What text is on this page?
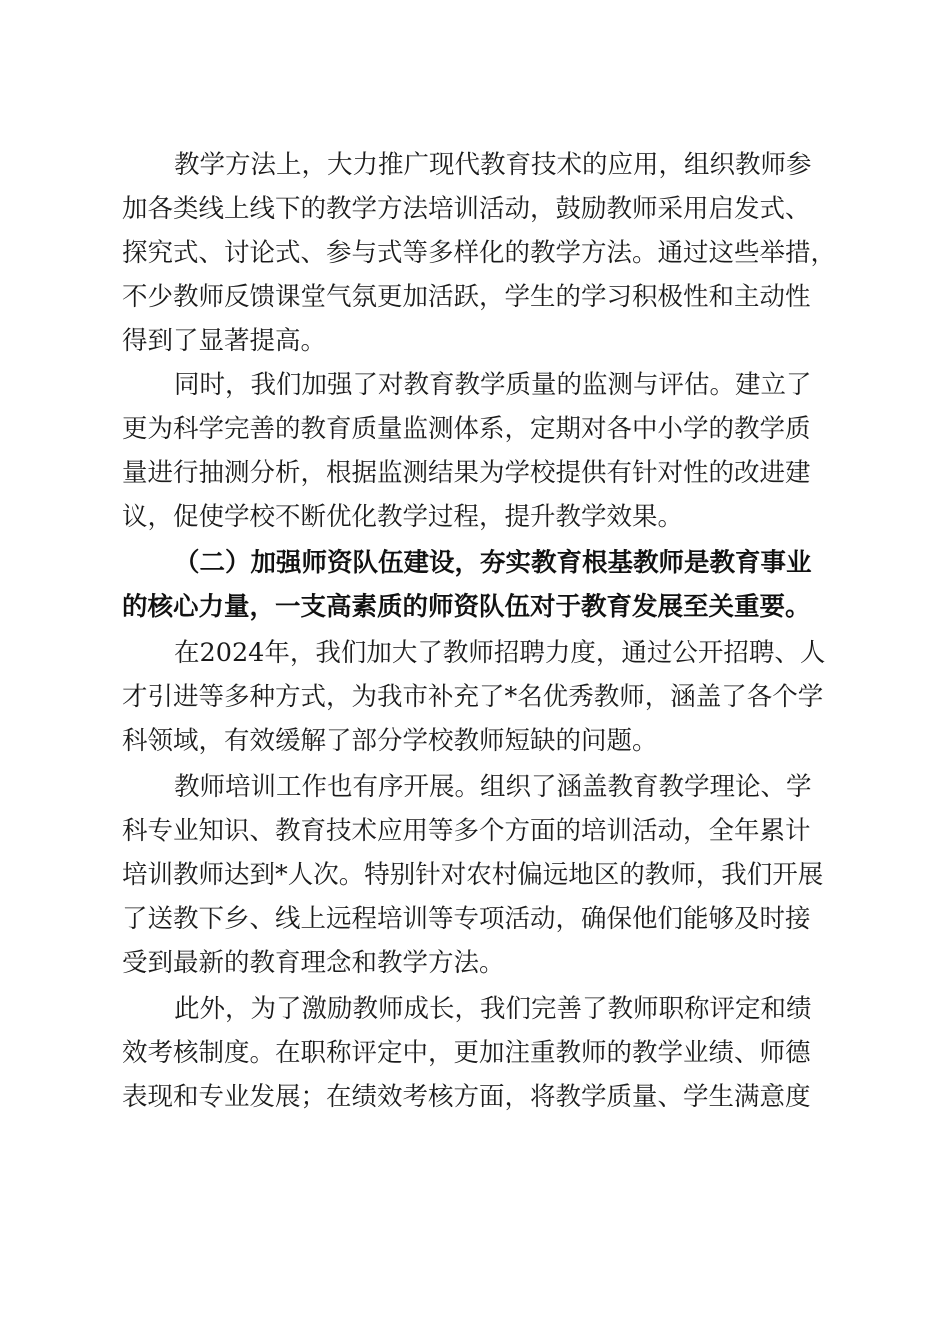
教学方法上，大力推广现代教育技术的应用，组织教师参
加各类线上线下的教学方法培训活动，鼓励教师采用启发式、
探究式、讨论式、参与式等多样化的教学方法。通过这些举措，
不少教师反馈课堂气氛更加活跃，学生的学习积极性和主动性
得到了显著提高。
同时，我们加强了对教育教学质量的监测与评估。建立了
更为科学完善的教育质量监测体系，定期对各中小学的教学质
量进行抽测分析，根据监测结果为学校提供有针对性的改进建
议，促使学校不断优化教学过程，提升教学效果。
（二）加强师资队伍建设，夯实教育根基教师是教育事业
的核心力量，一支高素质的师资队伍对于教育发展至关重要。
在2024年，我们加大了教师招聘力度，通过公开招聘、人
才引进等多种方式，为我市补充了*名优秀教师，涵盖了各个学
科领域，有效缓解了部分学校教师短缺的问题。
教师培训工作也有序开展。组织了涵盖教育教学理论、学
科专业知识、教育技术应用等多个方面的培训活动，全年累计
培训教师达到*人次。特别针对农村偏远地区的教师，我们开展
了送教下乡、线上远程培训等专项活动，确保他们能够及时接
受到最新的教育理念和教学方法。
此外，为了激励教师成长，我们完善了教师职称评定和绩
效考核制度。在职称评定中，更加注重教师的教学业绩、师德
表现和专业发展；在绩效考核方面，将教学质量、学生满意度
